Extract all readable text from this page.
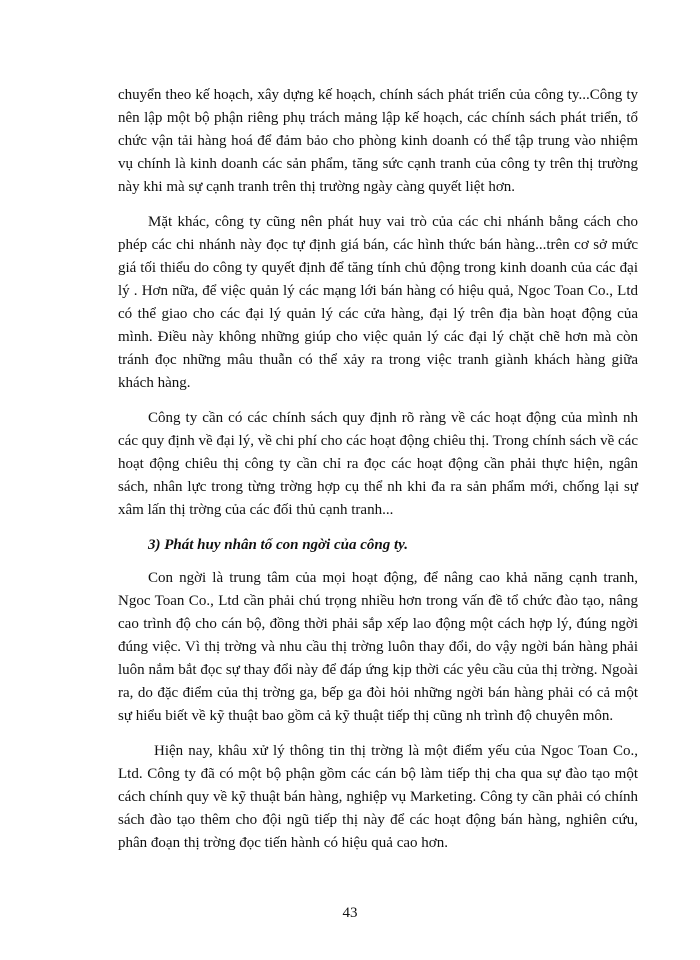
chuyển theo kế hoạch, xây dựng kế hoạch, chính sách phát triển của công ty...Công ty nên lập một bộ phận riêng phụ trách mảng lập kế hoạch, các chính sách phát triển, tổ chức vận tải hàng hoá để đảm bảo cho phòng kinh doanh có thể tập trung vào nhiệm vụ chính là kinh doanh các sản phẩm, tăng sức cạnh tranh của công ty trên thị trường này khi mà sự cạnh tranh trên thị trường ngày càng quyết liệt hơn.

Mặt khác, công ty cũng nên phát huy vai trò của các chi nhánh bằng cách cho phép các chi nhánh này đọc tự định giá bán, các hình thức bán hàng...trên cơ sở mức giá tối thiểu do công ty quyết định để tăng tính chủ động trong kinh doanh của các đại lý . Hơn nữa, để việc quản lý các mạng lới bán hàng có hiệu quả, Ngoc Toan Co., Ltd có thể giao cho các đại lý quản lý các cửa hàng, đại lý trên địa bàn hoạt động của mình. Điều này không những giúp cho việc quản lý các đại lý chặt chẽ hơn mà còn tránh đọc những mâu thuẫn có thể xảy ra trong việc tranh giành khách hàng giữa khách hàng.

Công ty cần có các chính sách quy định rõ ràng về các hoạt động của mình nh các quy định về đại lý, về chi phí cho các hoạt động chiêu thị. Trong chính sách về các hoạt động chiêu thị công ty cần chỉ ra đọc các hoạt động cần phải thực hiện, ngân sách, nhân lực trong từng trờng hợp cụ thể nh khi đa ra sản phẩm mới, chống lại sự xâm lấn thị trờng của các đối thủ cạnh tranh...

3) Phát huy nhân tố con ngời của công ty.

Con ngời là trung tâm của mọi hoạt động, để nâng cao khả năng cạnh tranh, Ngoc Toan Co., Ltd cần phải chú trọng nhiều hơn trong vấn đề tổ chức đào tạo, nâng cao trình độ cho cán bộ, đồng thời phải sắp xếp lao động một cách hợp lý, đúng ngời đúng việc. Vì thị trờng và nhu cầu thị trờng luôn thay đổi, do vậy ngời bán hàng phải luôn nắm bắt đọc sự thay đổi này để đáp ứng kịp thời các yêu cầu của thị trờng. Ngoài ra, do đặc điểm của thị trờng ga, bếp ga đòi hỏi những ngời bán hàng phải có cả một sự hiểu biết về kỹ thuật bao gồm cả kỹ thuật tiếp thị cũng nh trình độ chuyên môn.

Hiện nay, khâu xử lý thông tin thị trờng là một điểm yếu của Ngoc Toan Co., Ltd. Công ty đã có một bộ phận gồm các cán bộ làm tiếp thị cha qua sự đào tạo một cách chính quy về kỹ thuật bán hàng, nghiệp vụ Marketing. Công ty cần phải có chính sách đào tạo thêm cho đội ngũ tiếp thị này để các hoạt động bán hàng, nghiên cứu, phân đoạn thị trờng đọc tiến hành có hiệu quả cao hơn.

43
